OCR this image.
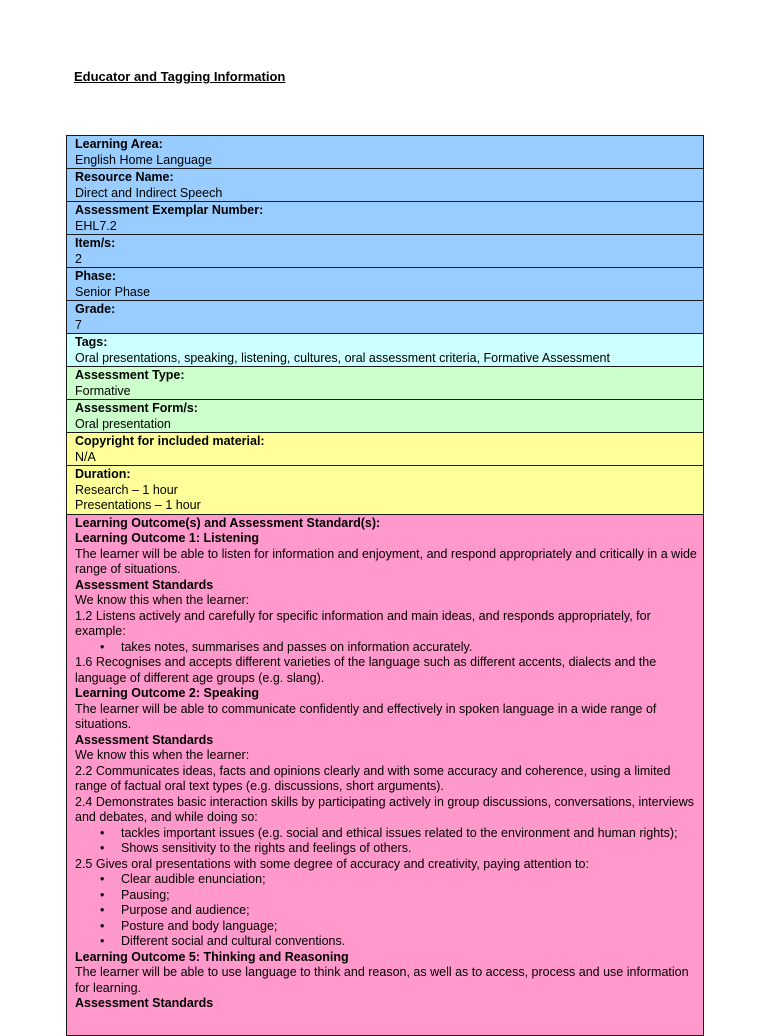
Educator and Tagging Information
Learning Area:
English Home Language
Resource Name:
Direct and Indirect Speech
Assessment Exemplar Number:
EHL7.2
Item/s:
2
Phase:
Senior Phase
Grade:
7
Tags:
Oral presentations, speaking, listening, cultures, oral assessment criteria, Formative Assessment
Assessment Type:
Formative
Assessment Form/s:
Oral presentation
Copyright for included material:
N/A
Duration:
Research – 1 hour
Presentations – 1 hour
Learning Outcome(s) and Assessment Standard(s):
Learning Outcome 1: Listening
The learner will be able to listen for information and enjoyment, and respond appropriately and critically in a wide range of situations.
Assessment Standards
We know this when the learner:
1.2 Listens actively and carefully for specific information and main ideas, and responds appropriately, for example:
• takes notes, summarises and passes on information accurately.
1.6 Recognises and accepts different varieties of the language such as different accents, dialects and the language of different age groups (e.g. slang).
Learning Outcome 2: Speaking
The learner will be able to communicate confidently and effectively in spoken language in a wide range of situations.
Assessment Standards
We know this when the learner:
2.2 Communicates ideas, facts and opinions clearly and with some accuracy and coherence, using a limited range of factual oral text types (e.g. discussions, short arguments).
2.4 Demonstrates basic interaction skills by participating actively in group discussions, conversations, interviews and debates, and while doing so:
• tackles important issues (e.g. social and ethical issues related to the environment and human rights);
• Shows sensitivity to the rights and feelings of others.
2.5 Gives oral presentations with some degree of accuracy and creativity, paying attention to:
• Clear audible enunciation;
• Pausing;
• Purpose and audience;
• Posture and body language;
• Different social and cultural conventions.
Learning Outcome 5: Thinking and Reasoning
The learner will be able to use language to think and reason, as well as to access, process and use information for learning.
Assessment Standards
